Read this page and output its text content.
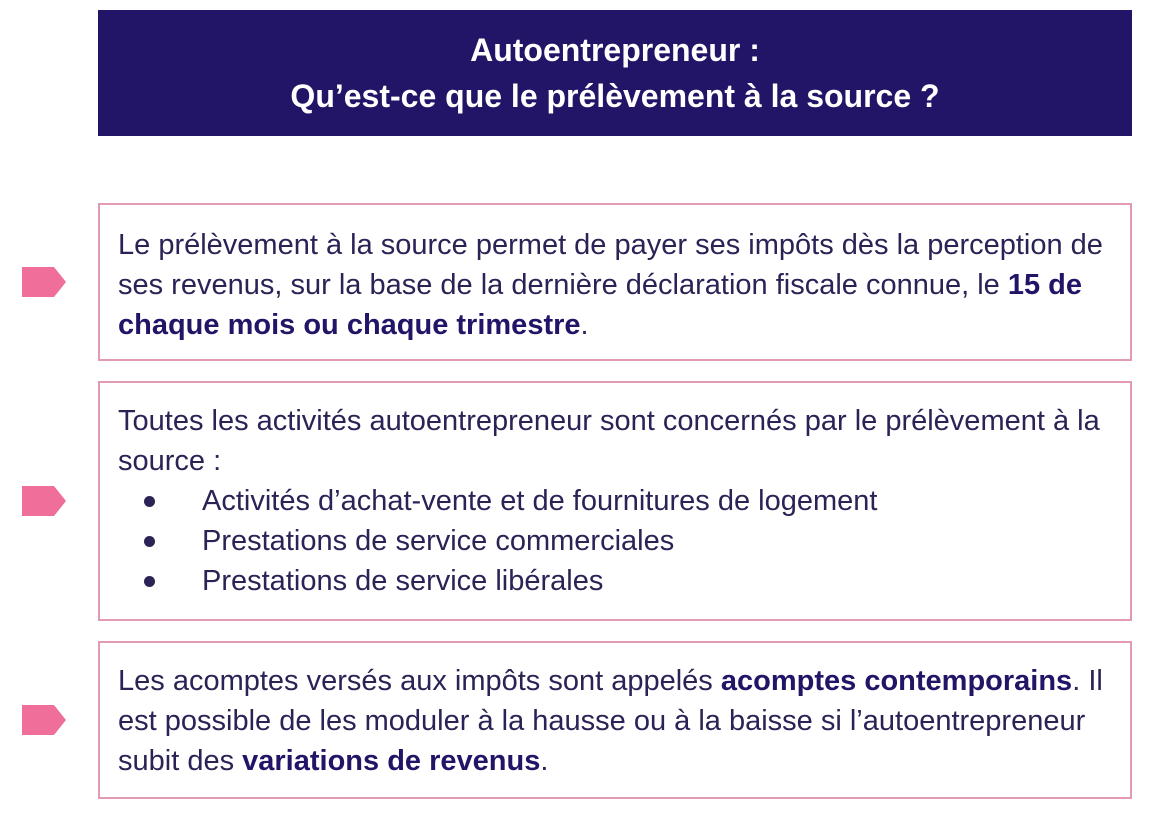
Autoentrepreneur :
Qu’est-ce que le prélèvement à la source ?
Le prélèvement à la source permet de payer ses impôts dès la perception de ses revenus, sur la base de la dernière déclaration fiscale connue, le 15 de chaque mois ou chaque trimestre.
Toutes les activités autoentrepreneur sont concernés par le prélèvement à la source :
Activités d’achat-vente et de fournitures de logement
Prestations de service commerciales
Prestations de service libérales
Les acomptes versés aux impôts sont appelés acomptes contemporains. Il est possible de les moduler à la hausse ou à la baisse si l’autoentrepreneur subit des variations de revenus.
